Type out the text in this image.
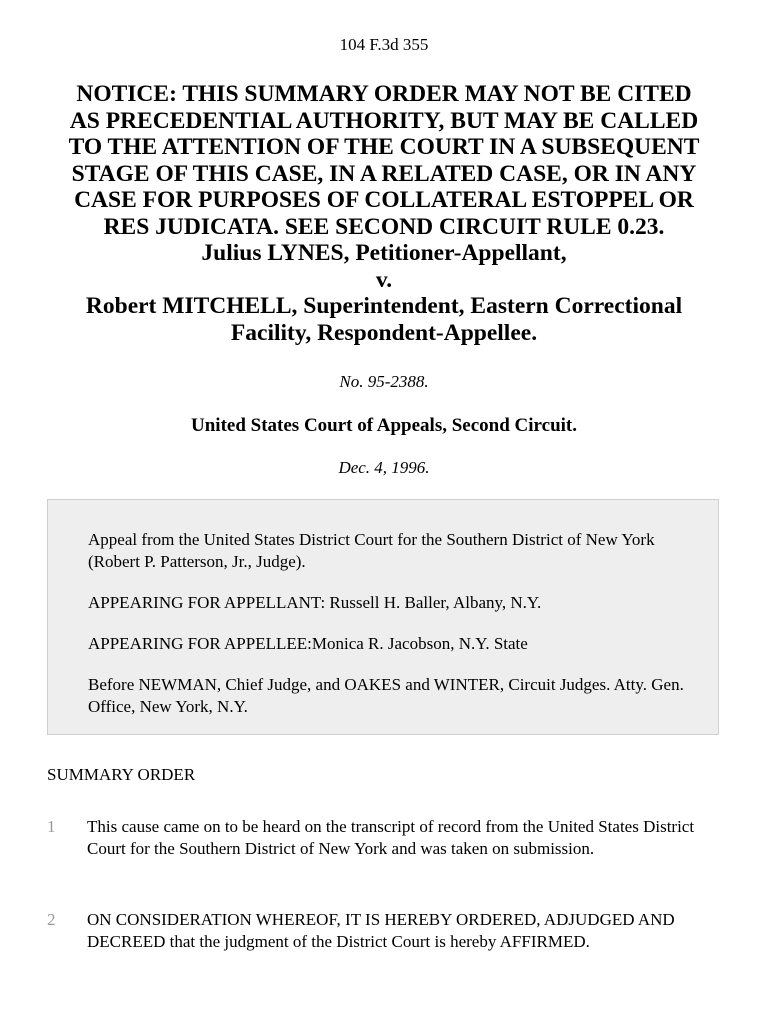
104 F.3d 355
NOTICE: THIS SUMMARY ORDER MAY NOT BE CITED
AS PRECEDENTIAL AUTHORITY, BUT MAY BE CALLED
TO THE ATTENTION OF THE COURT IN A SUBSEQUENT
STAGE OF THIS CASE, IN A RELATED CASE, OR IN ANY
CASE FOR PURPOSES OF COLLATERAL ESTOPPEL OR
RES JUDICATA. SEE SECOND CIRCUIT RULE 0.23.
Julius LYNES, Petitioner-Appellant,
v.
Robert MITCHELL, Superintendent, Eastern Correctional
Facility, Respondent-Appellee.
No. 95-2388.
United States Court of Appeals, Second Circuit.
Dec. 4, 1996.

Appeal from the United States District Court for the Southern District of New York (Robert P. Patterson, Jr., Judge).

APPEARING FOR APPELLANT: Russell H. Baller, Albany, N.Y.

APPEARING FOR APPELLEE:Monica R. Jacobson, N.Y. State

Before NEWMAN, Chief Judge, and OAKES and WINTER, Circuit Judges. Atty. Gen. Office, New York, N.Y.

SUMMARY ORDER
1 This cause came on to be heard on the transcript of record from the United States District Court for the Southern District of New York and was taken on submission.

2 ON CONSIDERATION WHEREOF, IT IS HEREBY ORDERED, ADJUDGED AND DECREED that the judgment of the District Court is hereby AFFIRMED.
